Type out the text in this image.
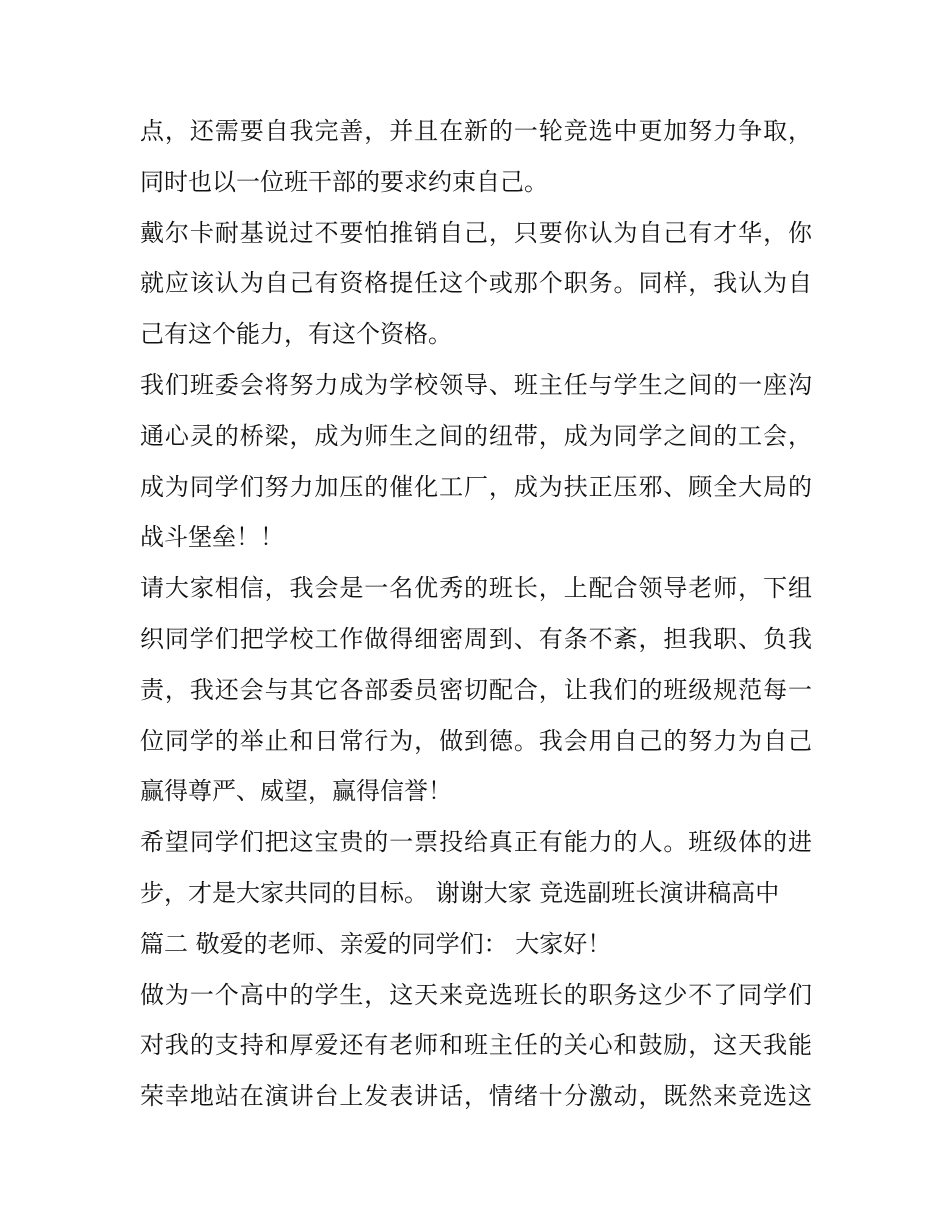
点，还需要自我完善，并且在新的一轮竞选中更加努力争取，
同时也以一位班干部的要求约束自己。
戴尔卡耐基说过不要怕推销自己，只要你认为自己有才华，你
就应该认为自己有资格提任这个或那个职务。同样，我认为自
己有这个能力，有这个资格。
我们班委会将努力成为学校领导、班主任与学生之间的一座沟
通心灵的桥梁，成为师生之间的纽带，成为同学之间的工会，
成为同学们努力加压的催化工厂，成为扶正压邪、顾全大局的
战斗堡垒！！
请大家相信，我会是一名优秀的班长，上配合领导老师，下组
织同学们把学校工作做得细密周到、有条不紊，担我职、负我
责，我还会与其它各部委员密切配合，让我们的班级规范每一
位同学的举止和日常行为，做到德。我会用自己的努力为自己
赢得尊严、威望，赢得信誉！
希望同学们把这宝贵的一票投给真正有能力的人。班级体的进
步，才是大家共同的目标。 谢谢大家 竞选副班长演讲稿高中
篇二 敬爱的老师、亲爱的同学们： 大家好！
做为一个高中的学生，这天来竞选班长的职务这少不了同学们
对我的支持和厚爱还有老师和班主任的关心和鼓励，这天我能
荣幸地站在演讲台上发表讲话，情绪十分激动，既然来竞选这
